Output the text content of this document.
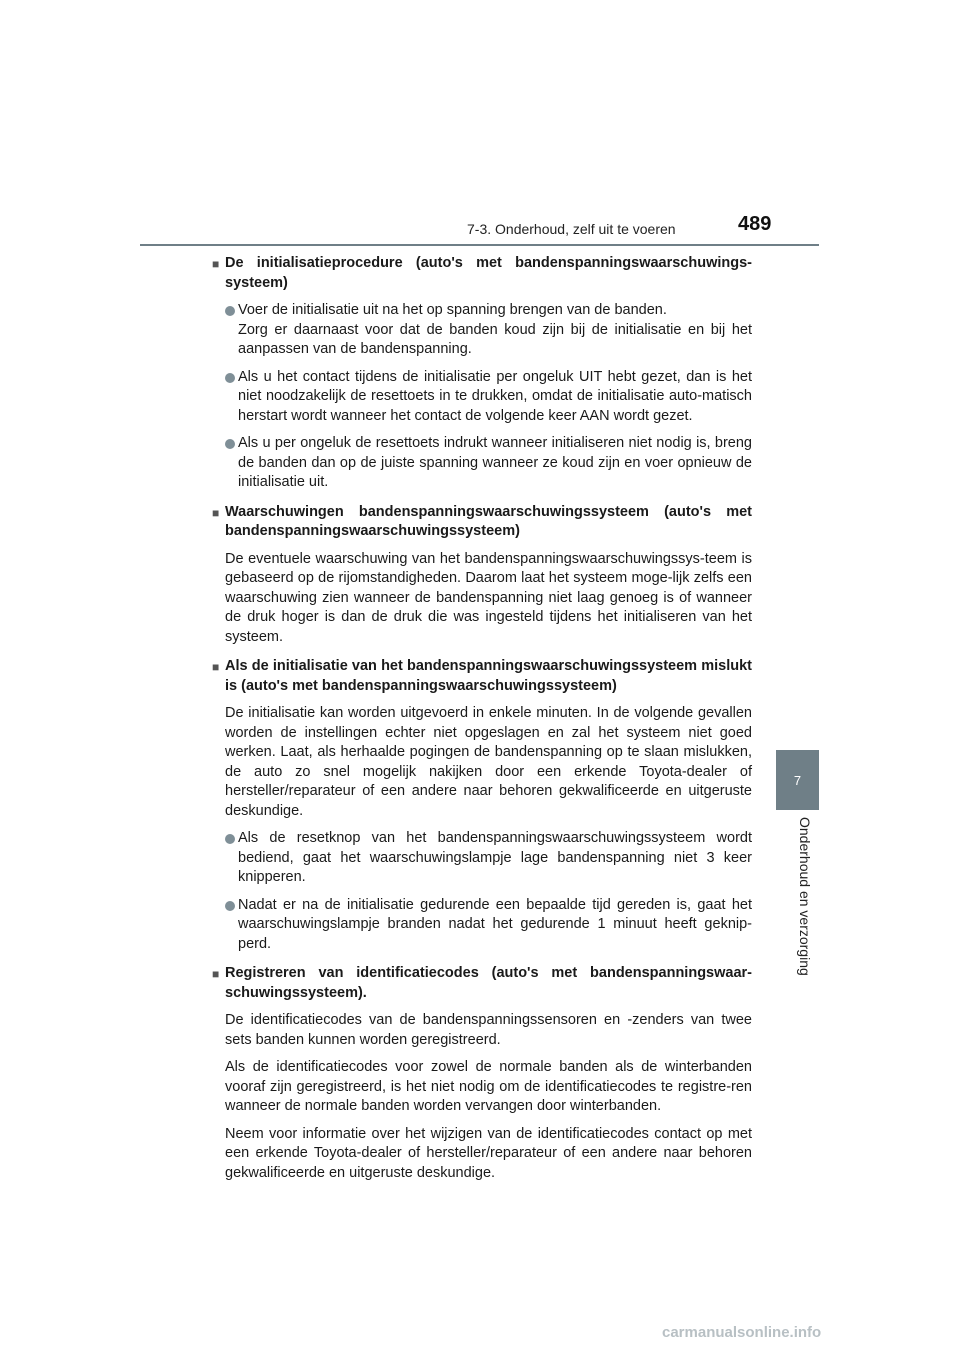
7-3. Onderhoud, zelf uit te voeren	489
7
Onderhoud en verzorging
■ De initialisatieprocedure (auto's met bandenspanningswaarschuwings-systeem)
Voer de initialisatie uit na het op spanning brengen van de banden.
Zorg er daarnaast voor dat de banden koud zijn bij de initialisatie en bij het aanpassen van de bandenspanning.
Als u het contact tijdens de initialisatie per ongeluk UIT hebt gezet, dan is het niet noodzakelijk de resettoets in te drukken, omdat de initialisatie auto-matisch herstart wordt wanneer het contact de volgende keer AAN wordt gezet.
Als u per ongeluk de resettoets indrukt wanneer initialiseren niet nodig is, breng de banden dan op de juiste spanning wanneer ze koud zijn en voer opnieuw de initialisatie uit.
■ Waarschuwingen bandenspanningswaarschuwingssysteem (auto's met bandenspanningswaarschuwingssysteem)
De eventuele waarschuwing van het bandenspanningswaarschuwingssys-teem is gebaseerd op de rijomstandigheden. Daarom laat het systeem moge-lijk zelfs een waarschuwing zien wanneer de bandenspanning niet laag genoeg is of wanneer de druk hoger is dan de druk die was ingesteld tijdens het initialiseren van het systeem.
■ Als de initialisatie van het bandenspanningswaarschuwingssysteem mislukt is (auto's met bandenspanningswaarschuwingssysteem)
De initialisatie kan worden uitgevoerd in enkele minuten. In de volgende gevallen worden de instellingen echter niet opgeslagen en zal het systeem niet goed werken. Laat, als herhaalde pogingen de bandenspanning op te slaan mislukken, de auto zo snel mogelijk nakijken door een erkende Toyota-dealer of hersteller/reparateur of een andere naar behoren gekwalificeerde en uitgeruste deskundige.
Als de resetknop van het bandenspanningswaarschuwingssysteem wordt bediend, gaat het waarschuwingslampje lage bandenspanning niet 3 keer knipperen.
Nadat er na de initialisatie gedurende een bepaalde tijd gereden is, gaat het waarschuwingslampje branden nadat het gedurende 1 minuut heeft geknip-perd.
■ Registreren van identificatiecodes (auto's met bandenspanningswaar-schuwingssysteem).
De identificatiecodes van de bandenspanningssensoren en -zenders van twee sets banden kunnen worden geregistreerd.
Als de identificatiecodes voor zowel de normale banden als de winterbanden vooraf zijn geregistreerd, is het niet nodig om de identificatiecodes te registre-ren wanneer de normale banden worden vervangen door winterbanden.
Neem voor informatie over het wijzigen van de identificatiecodes contact op met een erkende Toyota-dealer of hersteller/reparateur of een andere naar behoren gekwalificeerde en uitgeruste deskundige.
carmanualsonline.info
